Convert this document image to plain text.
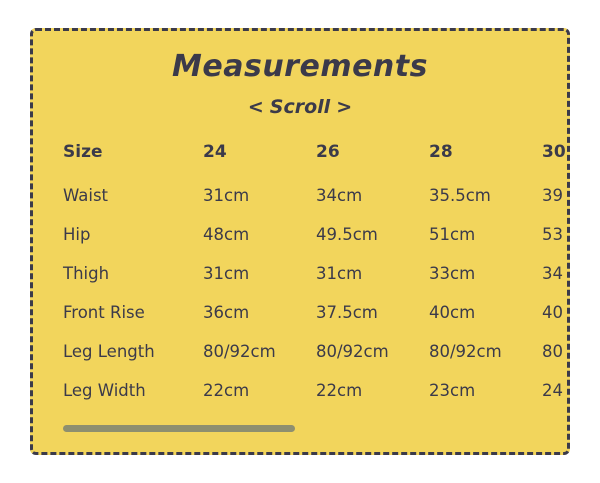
Measurements
< Scroll >
Size	24	26	28	30
Waist	31cm	34cm	35.5cm	39
Hip	48cm	49.5cm	51cm	53
Thigh	31cm	31cm	33cm	34
Front Rise	36cm	37.5cm	40cm	40
Leg Length	80/92cm	80/92cm	80/92cm	80
Leg Width	22cm	22cm	23cm	24
